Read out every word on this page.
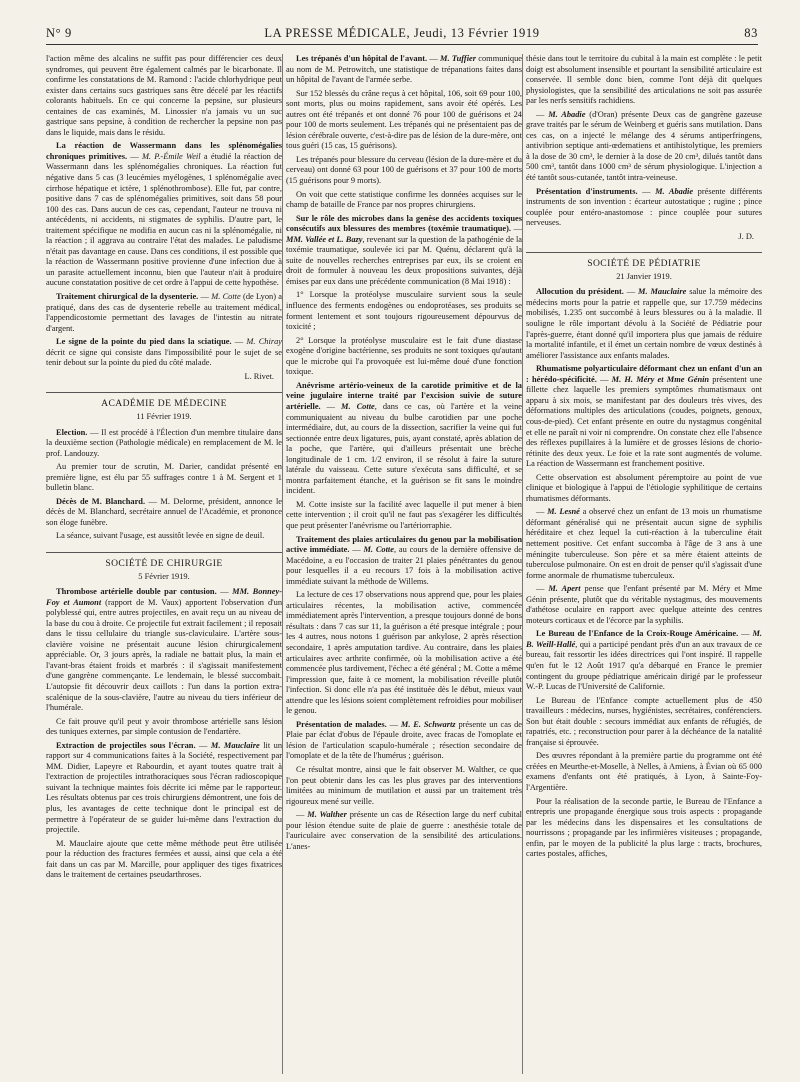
N° 9	LA PRESSE MÉDICALE, Jeudi, 13 Février 1919	83

l'action même des alcalins ne suffit pas pour différencier ces deux syndromes, qui peuvent être également calmés par le bicarbonate. Il confirme les constatations de M. Ramond : l'acide chlorhydrique peut exister dans certains sucs gastriques sans être décelé par les réactifs colorants habituels. En ce qui concerne la pepsine, sur plusieurs centaines de cas examinés, M. Linossier n'a jamais vu un suc gastrique sans pepsine, à condition de rechercher la pepsine non pas dans le liquide, mais dans le résidu.

La réaction de Wassermann dans les splénomégalies chroniques primitives. — M. P.-Émile Weil a étudié la réaction de Wassermann dans les splénomégalies chroniques. La réaction fut négative dans 5 cas (3 leucémies myélogènes, 1 splénomégalie avec cirrhose hépatique et ictère, 1 splénothrombose). Elle fut, par contre, positive dans 7 cas de splénomégalies primitives, soit dans 58 pour 100 des cas. Dans aucun de ces cas, cependant, l'auteur ne trouva ni antécédents, ni accidents, ni stigmates de syphilis. D'autre part, le traitement spécifique ne modifia en aucun cas ni la splénomégalie, ni la réaction ; il aggrava au contraire l'état des malades. Le paludisme n'était pas davantage en cause. Dans ces conditions, il est possible que la réaction de Wassermann positive provienne d'une infection due à un parasite actuellement inconnu, bien que l'auteur n'ait à produire aucune constatation positive de cet ordre à l'appui de cette hypothèse.

Traitement chirurgical de la dysenterie. — M. Cotte (de Lyon) a pratiqué, dans des cas de dysenterie rebelle au traitement médical, l'appendicostomie permettant des lavages de l'intestin au nitrate d'argent.

Le signe de la pointe du pied dans la sciatique. — M. Chiray décrit ce signe qui consiste dans l'impossibilité pour le sujet de se tenir debout sur la pointe du pied du côté malade.

L. Rivet.
ACADÉMIE DE MÉDECINE
11 Février 1919.

Election. — Il est procédé à l'Élection d'un membre titulaire dans la deuxième section (Pathologie médicale) en remplacement de M. le prof. Landouzy.

Au premier tour de scrutin, M. Darier, candidat présenté en première ligne, est élu par 55 suffrages contre 1 à M. Sergent et 1 bulletin blanc.

Décès de M. Blanchard. — M. Delorme, président, annonce le décès de M. Blanchard, secrétaire annuel de l'Académie, et prononce son éloge funèbre.

La séance, suivant l'usage, est aussitôt levée en signe de deuil.

SOCIÉTÉ DE CHIRURGIE
5 Février 1919.

Thrombose artérielle double par contusion. — MM. Bonney-Foy et Aumont (rapport de M. Vaux) apportent l'observation d'un polyblessé qui, entre autres projectiles, en avait reçu un au niveau de la base du cou à droite. Ce projectile fut extrait facilement ; il reposait dans le tissu cellulaire du triangle sus-claviculaire. L'artère sous-clavière voisine ne présentait aucune lésion chirurgicalement appréciable. Or, 3 jours après, la radiale ne battait plus, la main et l'avant-bras étaient froids et marbrés : il s'agissait manifestement d'une gangrène commençante. Le lendemain, le blessé succombait. L'autopsie fit découvrir deux caillots : l'un dans la portion extra-scalénique de la sous-clavière, l'autre au niveau du tiers inférieur de l'humérale.

Ce fait prouve qu'il peut y avoir thrombose artérielle sans lésion des tuniques externes, par simple contusion de l'endartère.

Extraction de projectiles sous l'écran. — M. Mauclaire lit un rapport sur 4 communications faites à la Société, respectivement par MM. Didier, Lapeyre et Rabourdin, et ayant toutes quatre trait à l'extraction de projectiles intrathoraciques sous l'écran radioscopique suivant la technique maintes fois décrite ici même par le rapporteur. Les résultats obtenus par ces trois chirurgiens démontrent, une fois de plus, les avantages de cette technique dont le principal est de permettre à l'opérateur de se guider lui-même dans l'extraction du projectile.

M. Mauclaire ajoute que cette même méthode peut être utilisée pour la réduction des fractures fermées et aussi, ainsi que cela a été fait dans un cas par M. Marcille, pour appliquer des tiges fixatrices dans le traitement de certaines pseudarthroses.

Les trépanés d'un hôpital de l'avant. — M. Tuffier communique au nom de M. Petrowitch, une statistique de trépanations faites dans un hôpital de l'avant de l'armée serbe.

Sur 152 blessés du crâne reçus à cet hôpital, 106, soit 69 pour 100, sont morts, plus ou moins rapidement, sans avoir été opérés. Les autres ont été trépanés et ont donné 76 pour 100 de guérisons et 24 pour 100 de morts seulement. Les trépanés qui ne présentaient pas de lésion cérébrale ouverte, c'est-à-dire pas de lésion de la dure-mère, ont tous guéri (15 cas, 15 guérisons).

Les trépanés pour blessure du cerveau (lésion de la dure-mère et du cerveau) ont donné 63 pour 100 de guérisons et 37 pour 100 de morts (15 guérisons pour 9 morts).

On voit que cette statistique confirme les données acquises sur le champ de bataille de France par nos propres chirurgiens.

Sur le rôle des microbes dans la genèse des accidents toxiques consécutifs aux blessures des membres (toxémie traumatique). — MM. Vallée et L. Bazy, revenant sur la question de la pathogénie de la toxémie traumatique, soulevée ici par M. Quénu, déclarent qu'à la suite de nouvelles recherches entreprises par eux, ils se croient en droit de formuler à nouveau les deux propositions suivantes, déjà émises par eux dans une précédente communication (8 Mai 1918) :

1° Lorsque la protéolyse musculaire survient sous la seule influence des ferments endogènes ou endoprotéases, ses produits se forment lentement et sont toujours rigoureusement dépourvus de toxicité ;

2° Lorsque la protéolyse musculaire est le fait d'une diastase exogène d'origine bactérienne, ses produits ne sont toxiques qu'autant que le microbe qui l'a provoquée est lui-même doué d'une fonction toxique.

Anévrisme artério-veineux de la carotide primitive et de la veine jugulaire interne traité par l'excision suivie de suture artérielle. — M. Cotte, dans ce cas, où l'artère et la veine communiquaient au niveau du bulbe carotidien par une poche intermédiaire, dut, au cours de la dissection, sacrifier la veine qui fut sectionnée entre deux ligatures, puis, ayant constaté, après ablation de la poche, que l'artère, qui d'ailleurs présentait une brèche longitudinale de 1 cm. 1/2 environ, il se résolut à faire la suture latérale du vaisseau. Cette suture s'exécuta sans difficulté, et se montra parfaitement étanche, et la guérison se fit sans le moindre incident.

M. Cotte insiste sur la facilité avec laquelle il put mener à bien cette intervention ; il croit qu'il ne faut pas s'exagérer les difficultés que peut présenter l'anévrisme ou l'artériorraphie.

Traitement des plaies articulaires du genou par la mobilisation active immédiate. — M. Cotte, au cours de la dernière offensive de Macédoine, a eu l'occasion de traiter 21 plaies pénétrantes du genou pour lesquelles il a eu recours 17 fois à la mobilisation active immédiate suivant la méthode de Willems.

La lecture de ces 17 observations nous apprend que, pour les plaies articulaires récentes, la mobilisation active, commencée immédiatement après l'intervention, a presque toujours donné de bons résultats : dans 7 cas sur 11, la guérison a été presque intégrale ; pour les 4 autres, nous notons 1 guérison par ankylose, 2 après résection secondaire, 1 après amputation tardive. Au contraire, dans les plaies articulaires avec arthrite confirmée, où la mobilisation active a été commencée plus tardivement, l'échec a été général ; M. Cotte a même l'impression que, faite à ce moment, la mobilisation réveille plutôt l'infection. Si donc elle n'a pas été instituée dès le début, mieux vaut attendre que les lésions soient complètement refroidies pour mobiliser le genou.

Présentation de malades. — M. E. Schwartz présente un cas de Plaie par éclat d'obus de l'épaule droite, avec fracas de l'omoplate et lésion de l'articulation scapulo-humérale ; résection secondaire de l'omoplate et de la tête de l'humérus ; guérison.

Ce résultat montre, ainsi que le fait observer M. Walther, ce que l'on peut obtenir dans les cas les plus graves par des interventions limitées au minimum de mutilation et aussi par un traitement très rigoureux mené sur veille.

— M. Walther présente un cas de Résection large du nerf cubital pour lésion étendue suite de plaie de guerre : anesthésie totale de l'auriculaire avec conservation de la sensibilité des articulations. L'anes-

thésie dans tout le territoire du cubital à la main est complète : le petit doigt est absolument insensible et pourtant la sensibilité articulaire est conservée. Il semble donc bien, comme l'ont déjà dit quelques physiologistes, que la sensibilité des articulations ne soit pas assurée par les nerfs sensitifs rachidiens.

— M. Abadie (d'Oran) présente Deux cas de gangrène gazeuse grave traités par le sérum de Weinberg et guéris sans mutilation. Dans ces cas, on a injecté le mélange des 4 sérums antiperfringens, antivibrion septique anti-œdematiens et antihistolytique, les premiers à la dose de 30 cm³, le dernier à la dose de 20 cm³, dilués tantôt dans 500 cm³, tantôt dans 1000 cm³ de sérum physiologique. L'injection a été tantôt sous-cutanée, tantôt intra-veineuse.

Présentation d'instruments. — M. Abadie présente différents instruments de son invention : écarteur autostatique ; rugine ; pince couplée pour entéro-anastomose : pince couplée pour sutures nerveuses.

J. D.
SOCIÉTÉ DE PÉDIATRIE
21 Janvier 1919.

Allocution du président. — M. Mauclaire salue la mémoire des médecins morts pour la patrie et rappelle que, sur 17.759 médecins mobilisés, 1.235 ont succombé à leurs blessures ou à la maladie. Il souligne le rôle important dévolu à la Société de Pédiatrie pour l'après-guerre, étant donné qu'il importera plus que jamais de réduire la mortalité infantile, et il émet un certain nombre de vœux destinés à améliorer l'assistance aux enfants malades.

Rhumatisme polyarticulaire déformant chez un enfant d'un an : hérédo-spécificité. — M. H. Méry et Mme Génin présentent une fillette chez laquelle les premiers symptômes rhumatismaux ont apparu à six mois, se manifestant par des douleurs très vives, des déformations multiples des articulations (coudes, poignets, genoux, cous-de-pied). Cet enfant présente en outre du nystagmus congénital et elle ne paraît ni voir ni comprendre. On constate chez elle l'absence des réflexes pupillaires à la lumière et de grosses lésions de chorio-rétinite des deux yeux. Le foie et la rate sont augmentés de volume. La réaction de Wassermann est franchement positive.

Cette observation est absolument péremptoire au point de vue clinique et biologique à l'appui de l'étiologie syphilitique de certains rhumatismes déformants.

— M. Lesné a observé chez un enfant de 13 mois un rhumatisme déformant généralisé qui ne présentait aucun signe de syphilis héréditaire et chez lequel la cuti-réaction à la tuberculine était nettement positive. Cet enfant succomba à l'âge de 3 ans à une méningite tuberculeuse. Son père et sa mère étaient atteints de tuberculose pulmonaire. On est en droit de penser qu'il s'agissait d'une forme anormale de rhumatisme tuberculeux.

— M. Apert pense que l'enfant présenté par M. Méry et Mme Génin présente, plutôt que du véritable nystagmus, des mouvements d'athétose oculaire en rapport avec quelque atteinte des centres moteurs corticaux et de l'écorce par la syphilis.

Le Bureau de l'Enfance de la Croix-Rouge Américaine. — M. B. Weill-Hallé, qui a participé pendant près d'un an aux travaux de ce bureau, fait ressortir les idées directrices qui l'ont inspiré. Il rappelle qu'en fut le 12 Août 1917 qu'a débarqué en France le premier contingent du groupe pédiatrique américain dirigé par le professeur W.-P. Lucas de l'Université de Californie.

Le Bureau de l'Enfance compte actuellement plus de 450 travailleurs : médecins, nurses, hygiénistes, secrétaires, conférenciers. Son but était double : secours immédiat aux enfants de réfugiés, de rapatriés, etc. ; reconstruction pour parer à la déchéance de la natalité française si éprouvée.

Des œuvres répondant à la première partie du programme ont été créées en Meurthe-et-Moselle, à Nelles, à Amiens, à Évian où 65 000 examens d'enfants ont été pratiqués, à Lyon, à Sainte-Foy-l'Argentière.

Pour la réalisation de la seconde partie, le Bureau de l'Enfance a entrepris une propagande énergique sous trois aspects : propagande par les médecins dans les dispensaires et les consultations de nourrissons ; propagande par les infirmières visiteuses ; propagande, enfin, par le moyen de la publicité la plus large : tracts, brochures, cartes postales, affiches,
